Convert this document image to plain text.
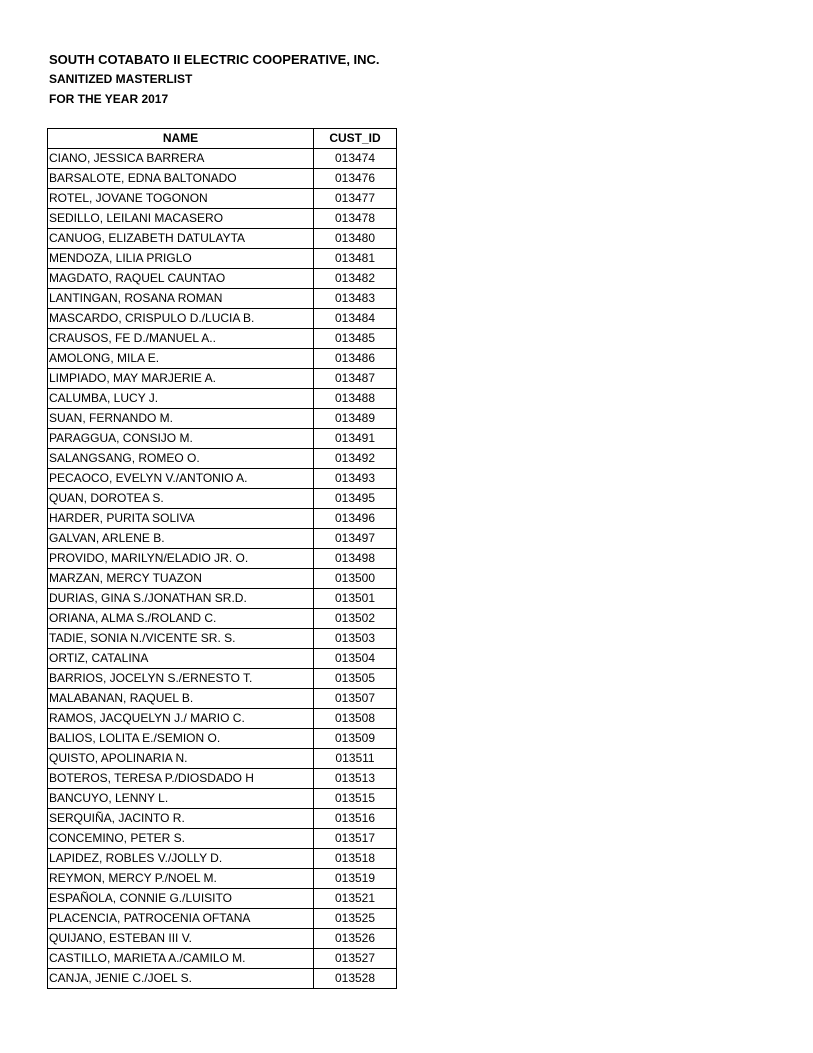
SOUTH COTABATO II ELECTRIC COOPERATIVE, INC.
SANITIZED MASTERLIST
FOR THE YEAR 2017
NAME	CUST_ID
CIANO, JESSICA BARRERA	013474
BARSALOTE, EDNA BALTONADO	013476
ROTEL, JOVANE TOGONON	013477
SEDILLO, LEILANI MACASERO	013478
CANUOG, ELIZABETH DATULAYTA	013480
MENDOZA, LILIA PRIGLO	013481
MAGDATO, RAQUEL CAUNTAO	013482
LANTINGAN, ROSANA ROMAN	013483
MASCARDO, CRISPULO D./LUCIA B.	013484
CRAUSOS, FE D./MANUEL A..	013485
AMOLONG, MILA E.	013486
LIMPIADO, MAY MARJERIE A.	013487
CALUMBA, LUCY J.	013488
SUAN, FERNANDO M.	013489
PARAGGUA, CONSIJO M.	013491
SALANGSANG, ROMEO O.	013492
PECAOCO, EVELYN V./ANTONIO A.	013493
QUAN, DOROTEA S.	013495
HARDER, PURITA SOLIVA	013496
GALVAN, ARLENE B.	013497
PROVIDO, MARILYN/ELADIO JR. O.	013498
MARZAN, MERCY TUAZON	013500
DURIAS, GINA S./JONATHAN SR.D.	013501
ORIANA, ALMA S./ROLAND C.	013502
TADIE, SONIA N./VICENTE SR. S.	013503
ORTIZ, CATALINA	013504
BARRIOS, JOCELYN S./ERNESTO T.	013505
MALABANAN, RAQUEL B.	013507
RAMOS, JACQUELYN J./ MARIO C.	013508
BALIOS, LOLITA E./SEMION O.	013509
QUISTO, APOLINARIA N.	013511
BOTEROS, TERESA P./DIOSDADO H	013513
BANCUYO, LENNY L.	013515
SERQUIÑA, JACINTO R.	013516
CONCEMINO, PETER S.	013517
LAPIDEZ, ROBLES V./JOLLY D.	013518
REYMON, MERCY P./NOEL M.	013519
ESPAÑOLA, CONNIE G./LUISITO	013521
PLACENCIA, PATROCENIA OFTANA	013525
QUIJANO, ESTEBAN III V.	013526
CASTILLO, MARIETA A./CAMILO M.	013527
CANJA, JENIE C./JOEL S.	013528
